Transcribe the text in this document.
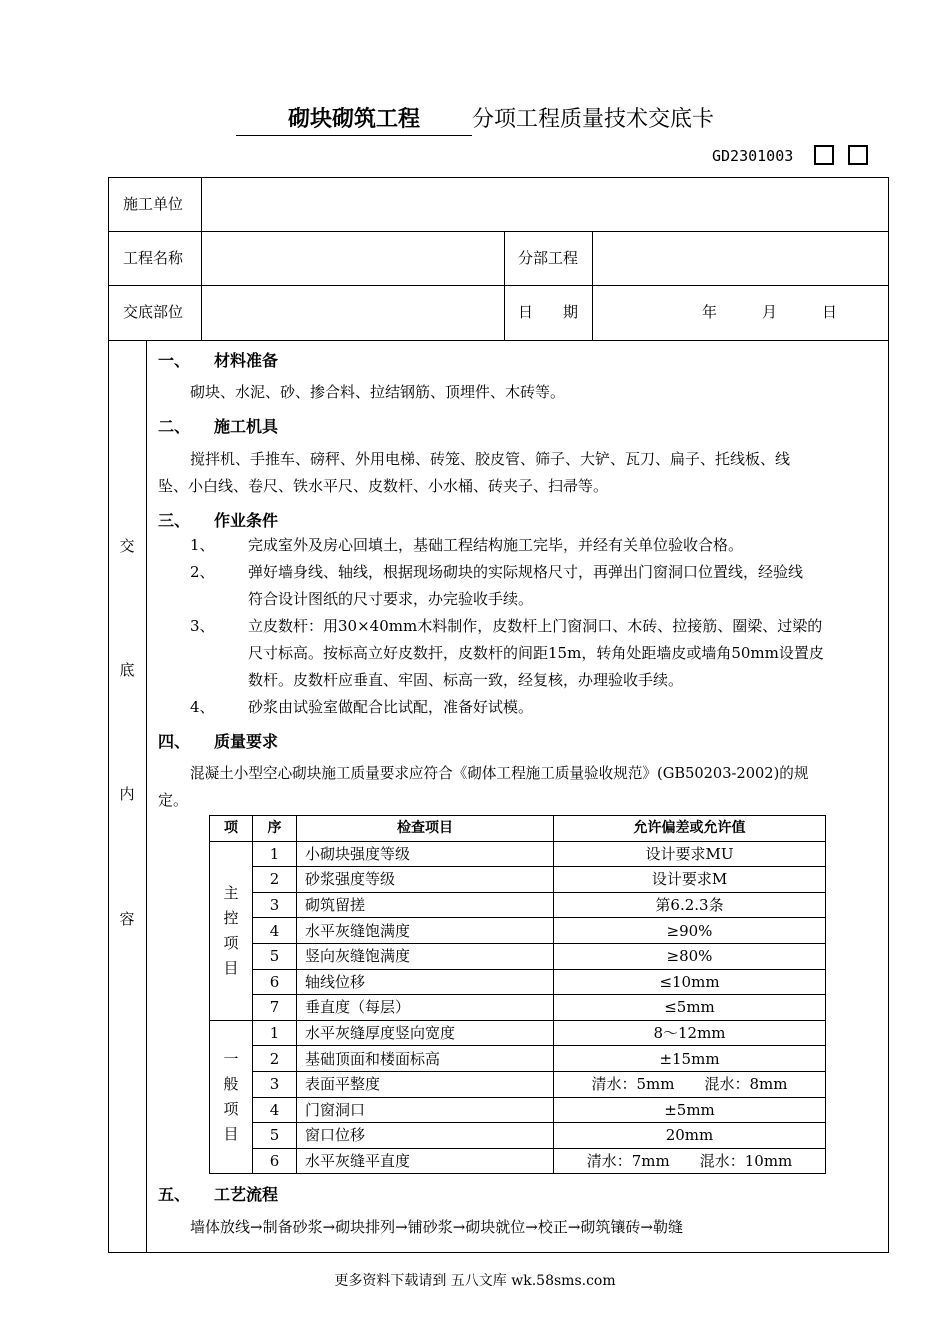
砌块砌筑工程 分项工程质量技术交底卡
GD2301003
施工单位
工程名称	分部工程
交底部位	日　　期	年　　　月　　　日
交
底
内
容
一、 材料准备
砌块、水泥、砂、掺合料、拉结钢筋、顶埋件、木砖等。
二、 施工机具
搅拌机、手推车、磅秤、外用电梯、砖笼、胶皮管、筛子、大铲、瓦刀、扁子、托线板、线
坠、小白线、卷尺、铁水平尺、皮数杆、小水桶、砖夹子、扫帚等。
三、 作业条件
1、 完成室外及房心回填土，基础工程结构施工完毕，并经有关单位验收合格。
2、 弹好墙身线、轴线，根据现场砌块的实际规格尺寸，再弹出门窗洞口位置线，经验线
符合设计图纸的尺寸要求，办完验收手续。
3、 立皮数杆：用30×40mm木料制作，皮数杆上门窗洞口、木砖、拉接筋、圈梁、过梁的
尺寸标高。按标高立好皮数扞，皮数杆的间距15m，转角处距墙皮或墙角50mm设置皮
数杆。皮数杆应垂直、牢固、标高一致，经复核，办理验收手续。
4、 砂浆由试验室做配合比试配，准备好试模。
四、 质量要求
混凝土小型空心砌块施工质量要求应符合《砌体工程施工质量验收规范》(GB50203-2002)的规
定。
项	序	检查项目	允许偏差或允许值

主控项目	1	小砌块强度等级	设计要求MU
	2	砂浆强度等级	设计要求M
	3	砌筑留搓	第6.2.3条
	4	水平灰缝饱满度	≥90%
	5	竖向灰缝饱满度	≥80%
	6	轴线位移	≤10mm
	7	垂直度（每层）	≤5mm

一般项目	1	水平灰缝厚度竖向宽度	8～12mm
	2	基础顶面和楼面标高	±15mm
	3	表面平整度	清水：5mm　　混水：8mm
	4	门窗洞口	±5mm
	5	窗口位移	20mm
	6	水平灰缝平直度	清水：7mm　　混水：10mm
五、 工艺流程
墙体放线→制备砂浆→砌块排列→铺砂浆→砌块就位→校正→砌筑镶砖→勒缝
更多资料下载请到 五八文库 wk.58sms.com
